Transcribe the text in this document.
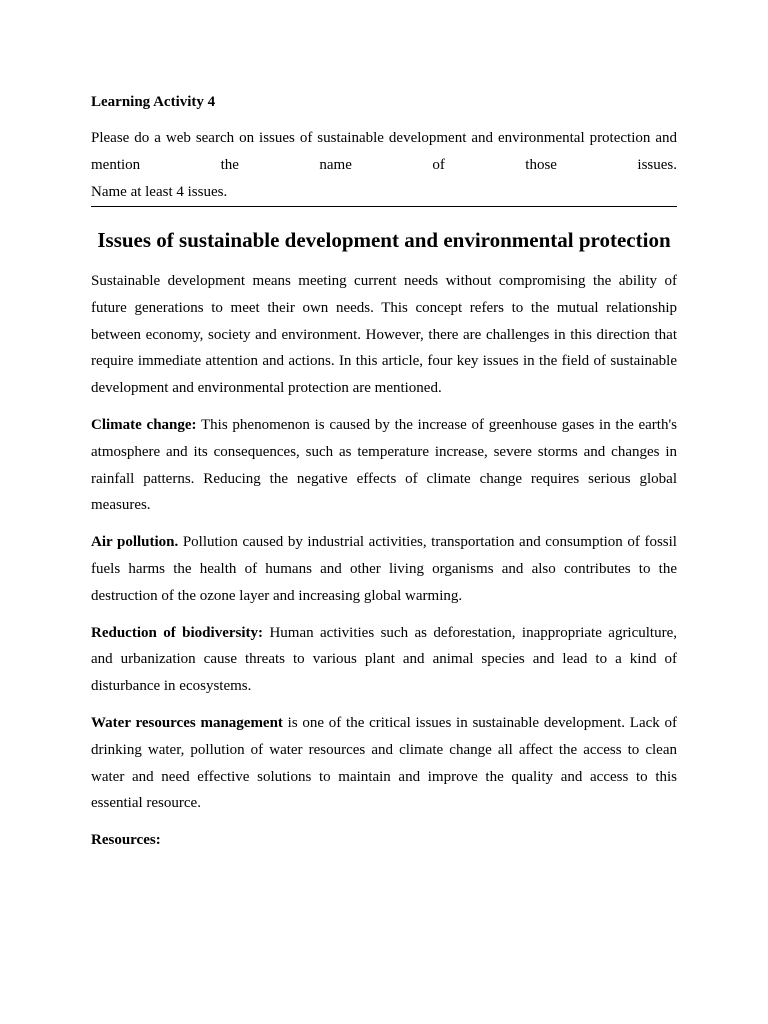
Learning Activity 4

Please do a web search on issues of sustainable development and environmental protection and
mention the name of those issues.
Name at least 4 issues.

Issues of sustainable development and environmental protection

Sustainable development means meeting current needs without compromising the ability of future generations to meet their own needs. This concept refers to the mutual relationship between economy, society and environment. However, there are challenges in this direction that require immediate attention and actions. In this article, four key issues in the field of sustainable development and environmental protection are mentioned.

Climate change: This phenomenon is caused by the increase of greenhouse gases in the earth's atmosphere and its consequences, such as temperature increase, severe storms and changes in rainfall patterns. Reducing the negative effects of climate change requires serious global measures.

Air pollution. Pollution caused by industrial activities, transportation and consumption of fossil fuels harms the health of humans and other living organisms and also contributes to the destruction of the ozone layer and increasing global warming.

Reduction of biodiversity: Human activities such as deforestation, inappropriate agriculture, and urbanization cause threats to various plant and animal species and lead to a kind of disturbance in ecosystems.

Water resources management is one of the critical issues in sustainable development. Lack of drinking water, pollution of water resources and climate change all affect the access to clean water and need effective solutions to maintain and improve the quality and access to this essential resource.

Resources:
